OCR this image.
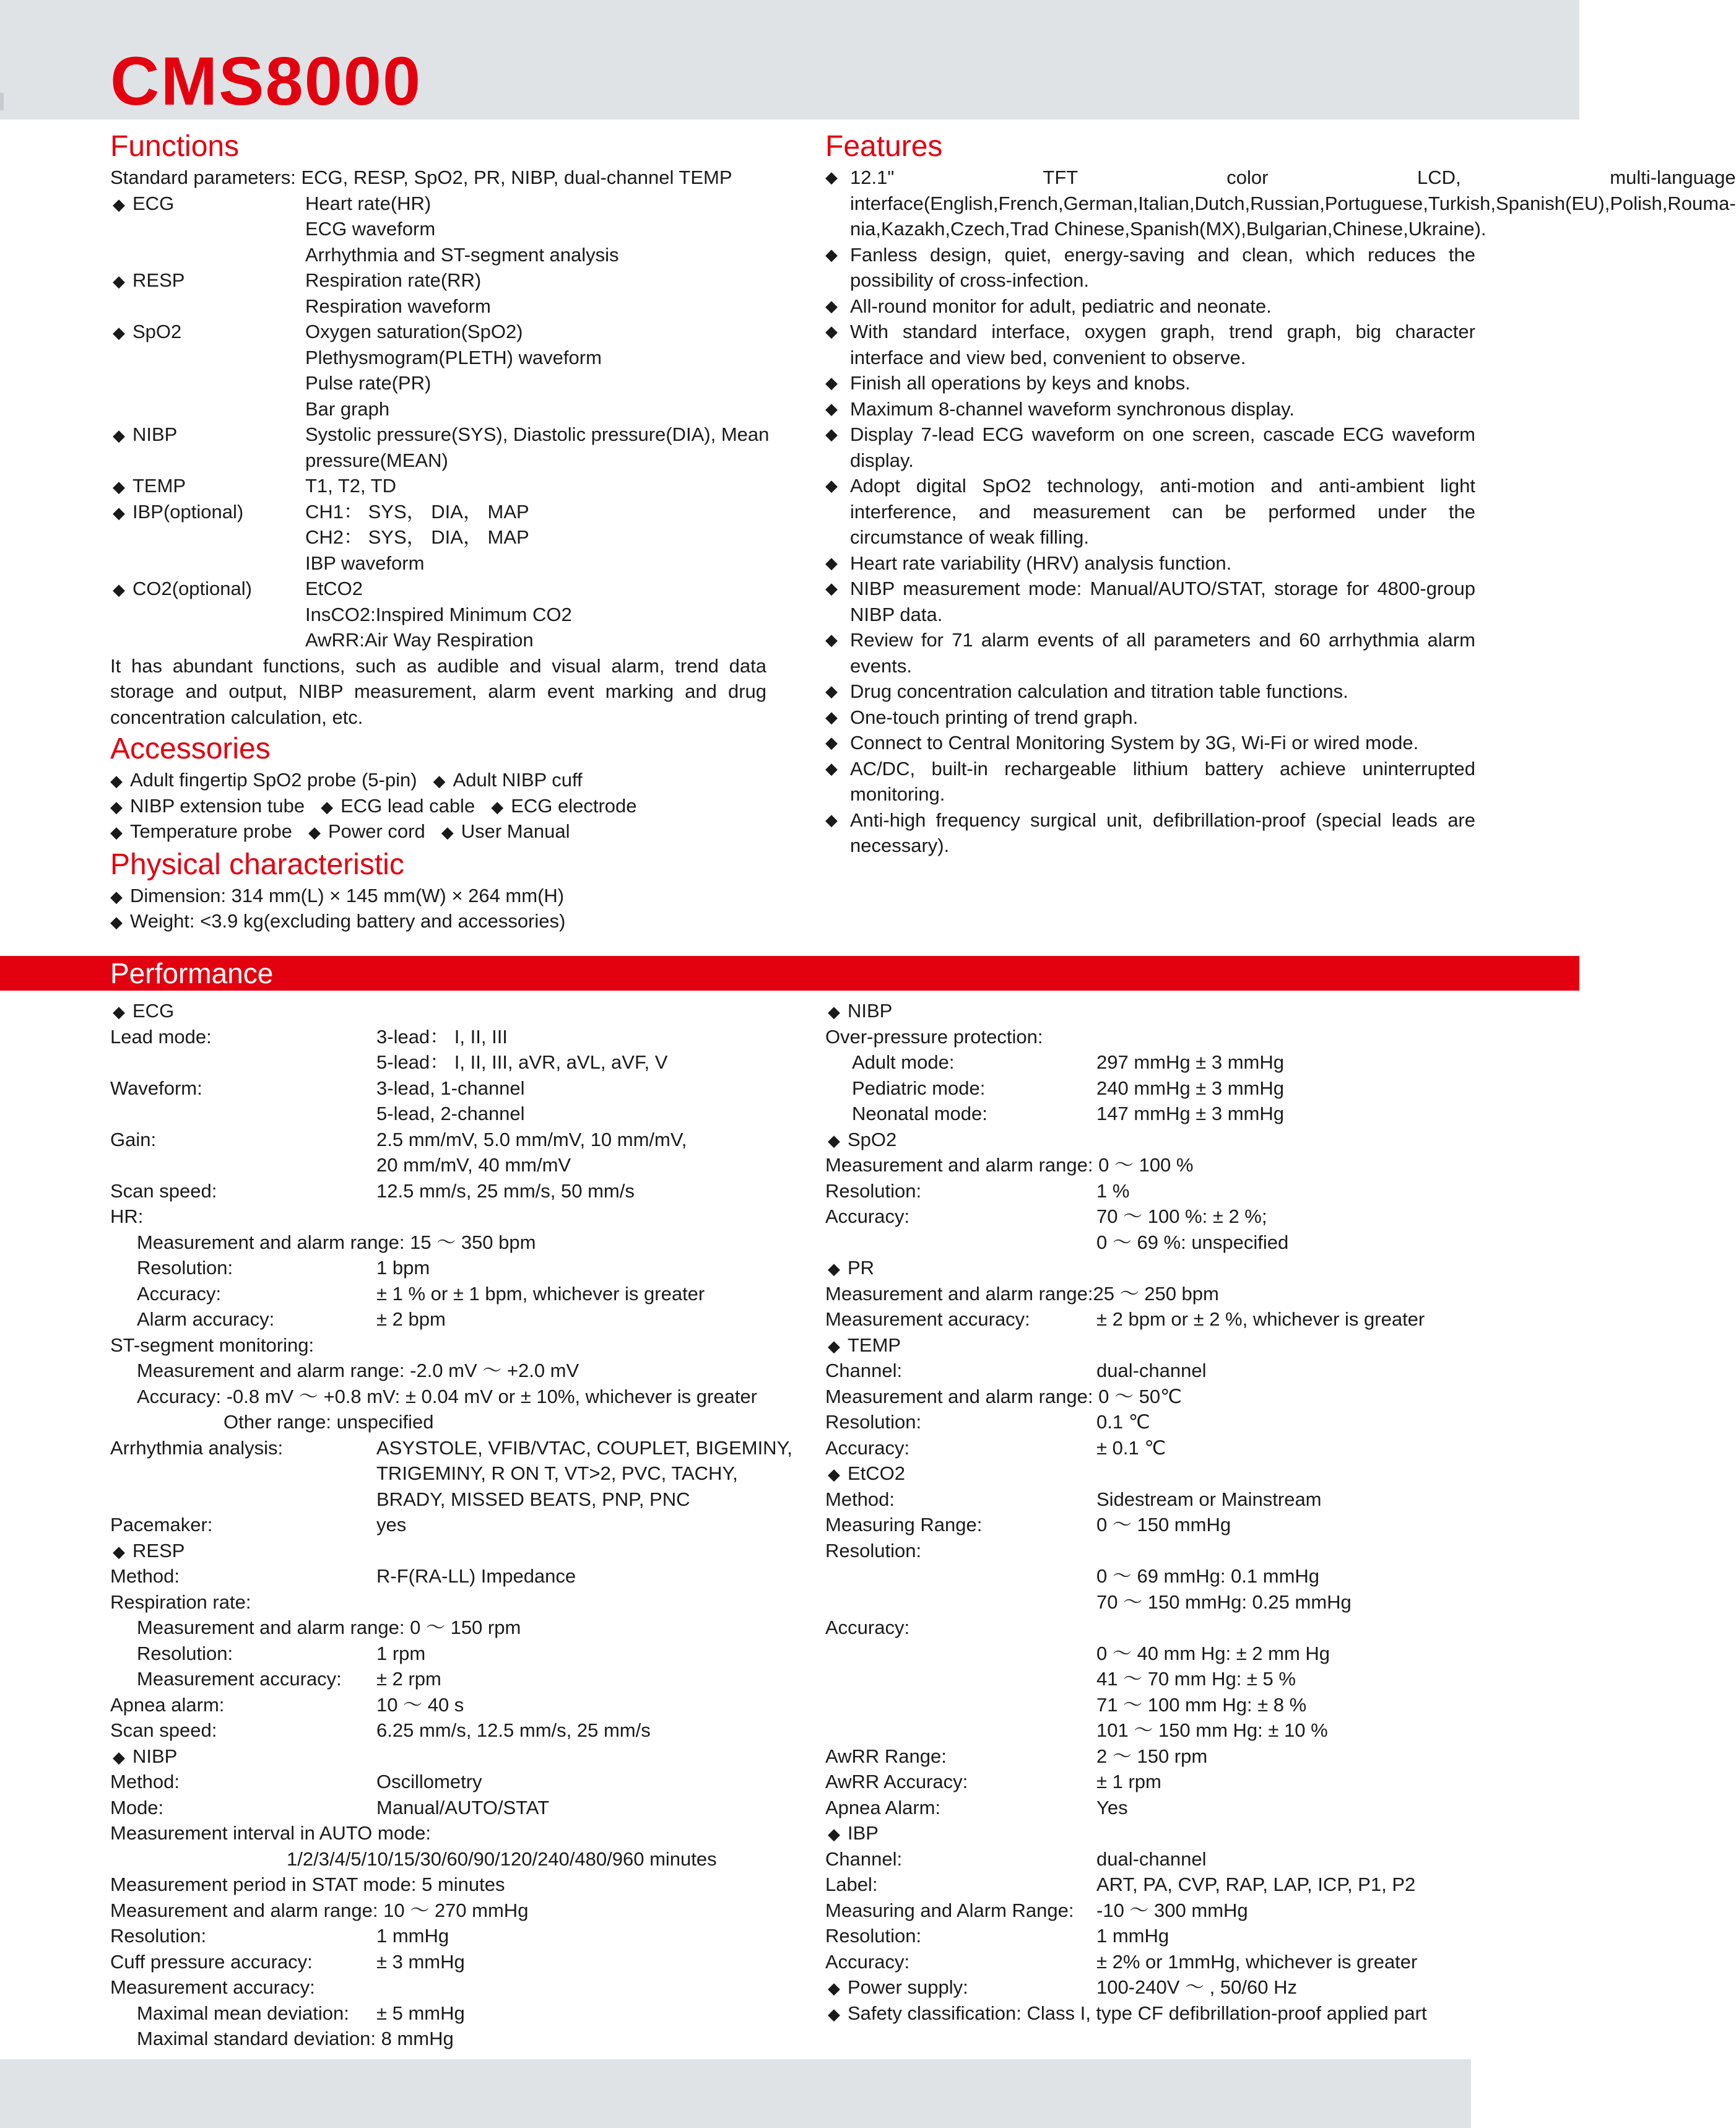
CMS8000
Functions
Standard parameters: ECG, RESP, SpO2, PR, NIBP, dual-channel TEMP
◆ ECG	Heart rate(HR)
ECG waveform
Arrhythmia and ST-segment analysis
◆ RESP	Respiration rate(RR)
Respiration waveform
◆ SpO2	Oxygen saturation(SpO2)
Plethysmogram(PLETH) waveform
Pulse rate(PR)
Bar graph
◆ NIBP	Systolic pressure(SYS), Diastolic pressure(DIA), Mean
pressure(MEAN)
◆ TEMP	T1, T2, TD
◆ IBP(optional)	CH1： SYS， DIA， MAP
CH2： SYS， DIA， MAP
IBP waveform
◆ CO2(optional)	EtCO2
InsCO2:Inspired Minimum CO2
AwRR:Air Way Respiration
It has abundant functions, such as audible and visual alarm, trend data storage and output, NIBP measurement, alarm event marking and drug concentration calculation, etc.
Accessories
◆ Adult fingertip SpO2 probe (5-pin) ◆ Adult NIBP cuff
◆ NIBP extension tube ◆ ECG lead cable ◆ ECG electrode
◆ Temperature probe ◆ Power cord ◆ User Manual
Physical characteristic
◆ Dimension: 314 mm(L) × 145 mm(W) × 264 mm(H)
◆ Weight: <3.9 kg(excluding battery and accessories)
Features
◆ 12.1" TFT color LCD, multi-language interface(English,French,German,Italian,Dutch,Russian,Portuguese,Turkish,Spanish(EU),Polish,Rouma-nia,Kazakh,Czech,Trad Chinese,Spanish(MX),Bulgarian,Chinese,Ukraine).
◆ Fanless design, quiet, energy-saving and clean, which reduces the possibility of cross-infection.
◆ All-round monitor for adult, pediatric and neonate.
◆ With standard interface, oxygen graph, trend graph, big character interface and view bed, convenient to observe.
◆ Finish all operations by keys and knobs.
◆ Maximum 8-channel waveform synchronous display.
◆ Display 7-lead ECG waveform on one screen, cascade ECG waveform display.
◆ Adopt digital SpO2 technology, anti-motion and anti-ambient light interference, and measurement can be performed under the circumstance of weak filling.
◆ Heart rate variability (HRV) analysis function.
◆ NIBP measurement mode: Manual/AUTO/STAT, storage for 4800-group NIBP data.
◆ Review for 71 alarm events of all parameters and 60 arrhythmia alarm events.
◆ Drug concentration calculation and titration table functions.
◆ One-touch printing of trend graph.
◆ Connect to Central Monitoring System by 3G, Wi-Fi or wired mode.
◆ AC/DC, built-in rechargeable lithium battery achieve uninterrupted monitoring.
◆ Anti-high frequency surgical unit, defibrillation-proof (special leads are necessary).
Performance
◆ ECG
Lead mode:	3-lead： I, II, III
5-lead： I, II, III, aVR, aVL, aVF, V
Waveform:	3-lead, 1-channel
5-lead, 2-channel
Gain:	2.5 mm/mV, 5.0 mm/mV, 10 mm/mV,
20 mm/mV, 40 mm/mV
Scan speed:	12.5 mm/s, 25 mm/s, 50 mm/s
HR:
Measurement and alarm range: 15 ～ 350 bpm
Resolution:	1 bpm
Accuracy:	± 1 % or ± 1 bpm, whichever is greater
Alarm accuracy:	± 2 bpm
ST-segment monitoring:
Measurement and alarm range: -2.0 mV ～ +2.0 mV
Accuracy: -0.8 mV ～ +0.8 mV: ± 0.04 mV or ± 10%, whichever is greater
Other range: unspecified
Arrhythmia analysis:	ASYSTOLE, VFIB/VTAC, COUPLET, BIGEMINY,
TRIGEMINY, R ON T, VT>2, PVC, TACHY,
BRADY, MISSED BEATS, PNP, PNC
Pacemaker:	yes
◆ RESP
Method:	R-F(RA-LL) Impedance
Respiration rate:
Measurement and alarm range: 0 ～ 150 rpm
Resolution:	1 rpm
Measurement accuracy: ± 2 rpm
Apnea alarm:	10 ～ 40 s
Scan speed:	6.25 mm/s, 12.5 mm/s, 25 mm/s
◆ NIBP
Method:	Oscillometry
Mode:	Manual/AUTO/STAT
Measurement interval in AUTO mode:
1/2/3/4/5/10/15/30/60/90/120/240/480/960 minutes
Measurement period in STAT mode: 5 minutes
Measurement and alarm range: 10 ～ 270 mmHg
Resolution:	1 mmHg
Cuff pressure accuracy:	± 3 mmHg
Measurement accuracy:
Maximal mean deviation: ± 5 mmHg
Maximal standard deviation: 8 mmHg
◆ NIBP
Over-pressure protection:
Adult mode:	297 mmHg ± 3 mmHg
Pediatric mode:	240 mmHg ± 3 mmHg
Neonatal mode:	147 mmHg ± 3 mmHg
◆ SpO2
Measurement and alarm range: 0 ～ 100 %
Resolution:	1 %
Accuracy:	70 ～ 100 %: ± 2 %;
0 ～ 69 %: unspecified
◆ PR
Measurement and alarm range:25 ～ 250 bpm
Measurement accuracy:	± 2 bpm or ± 2 %, whichever is greater
◆ TEMP
Channel:	dual-channel
Measurement and alarm range: 0 ～ 50℃
Resolution:	0.1 ℃
Accuracy:	± 0.1 ℃
◆ EtCO2
Method:	Sidestream or Mainstream
Measuring Range:	0 ～ 150 mmHg
Resolution:
0 ～ 69 mmHg: 0.1 mmHg
70 ～ 150 mmHg: 0.25 mmHg
Accuracy:
0 ～ 40 mm Hg: ± 2 mm Hg
41 ～ 70 mm Hg: ± 5 %
71 ～ 100 mm Hg: ± 8 %
101 ～ 150 mm Hg: ± 10 %
AwRR Range:	2 ～ 150 rpm
AwRR Accuracy:	± 1 rpm
Apnea Alarm:	Yes
◆ IBP
Channel:	dual-channel
Label:	ART, PA, CVP, RAP, LAP, ICP, P1, P2
Measuring and Alarm Range: -10 ～ 300 mmHg
Resolution:	1 mmHg
Accuracy:	± 2% or 1mmHg, whichever is greater
◆ Power supply:	100-240V ～ , 50/60 Hz
◆ Safety classification: Class I, type CF defibrillation-proof applied part
